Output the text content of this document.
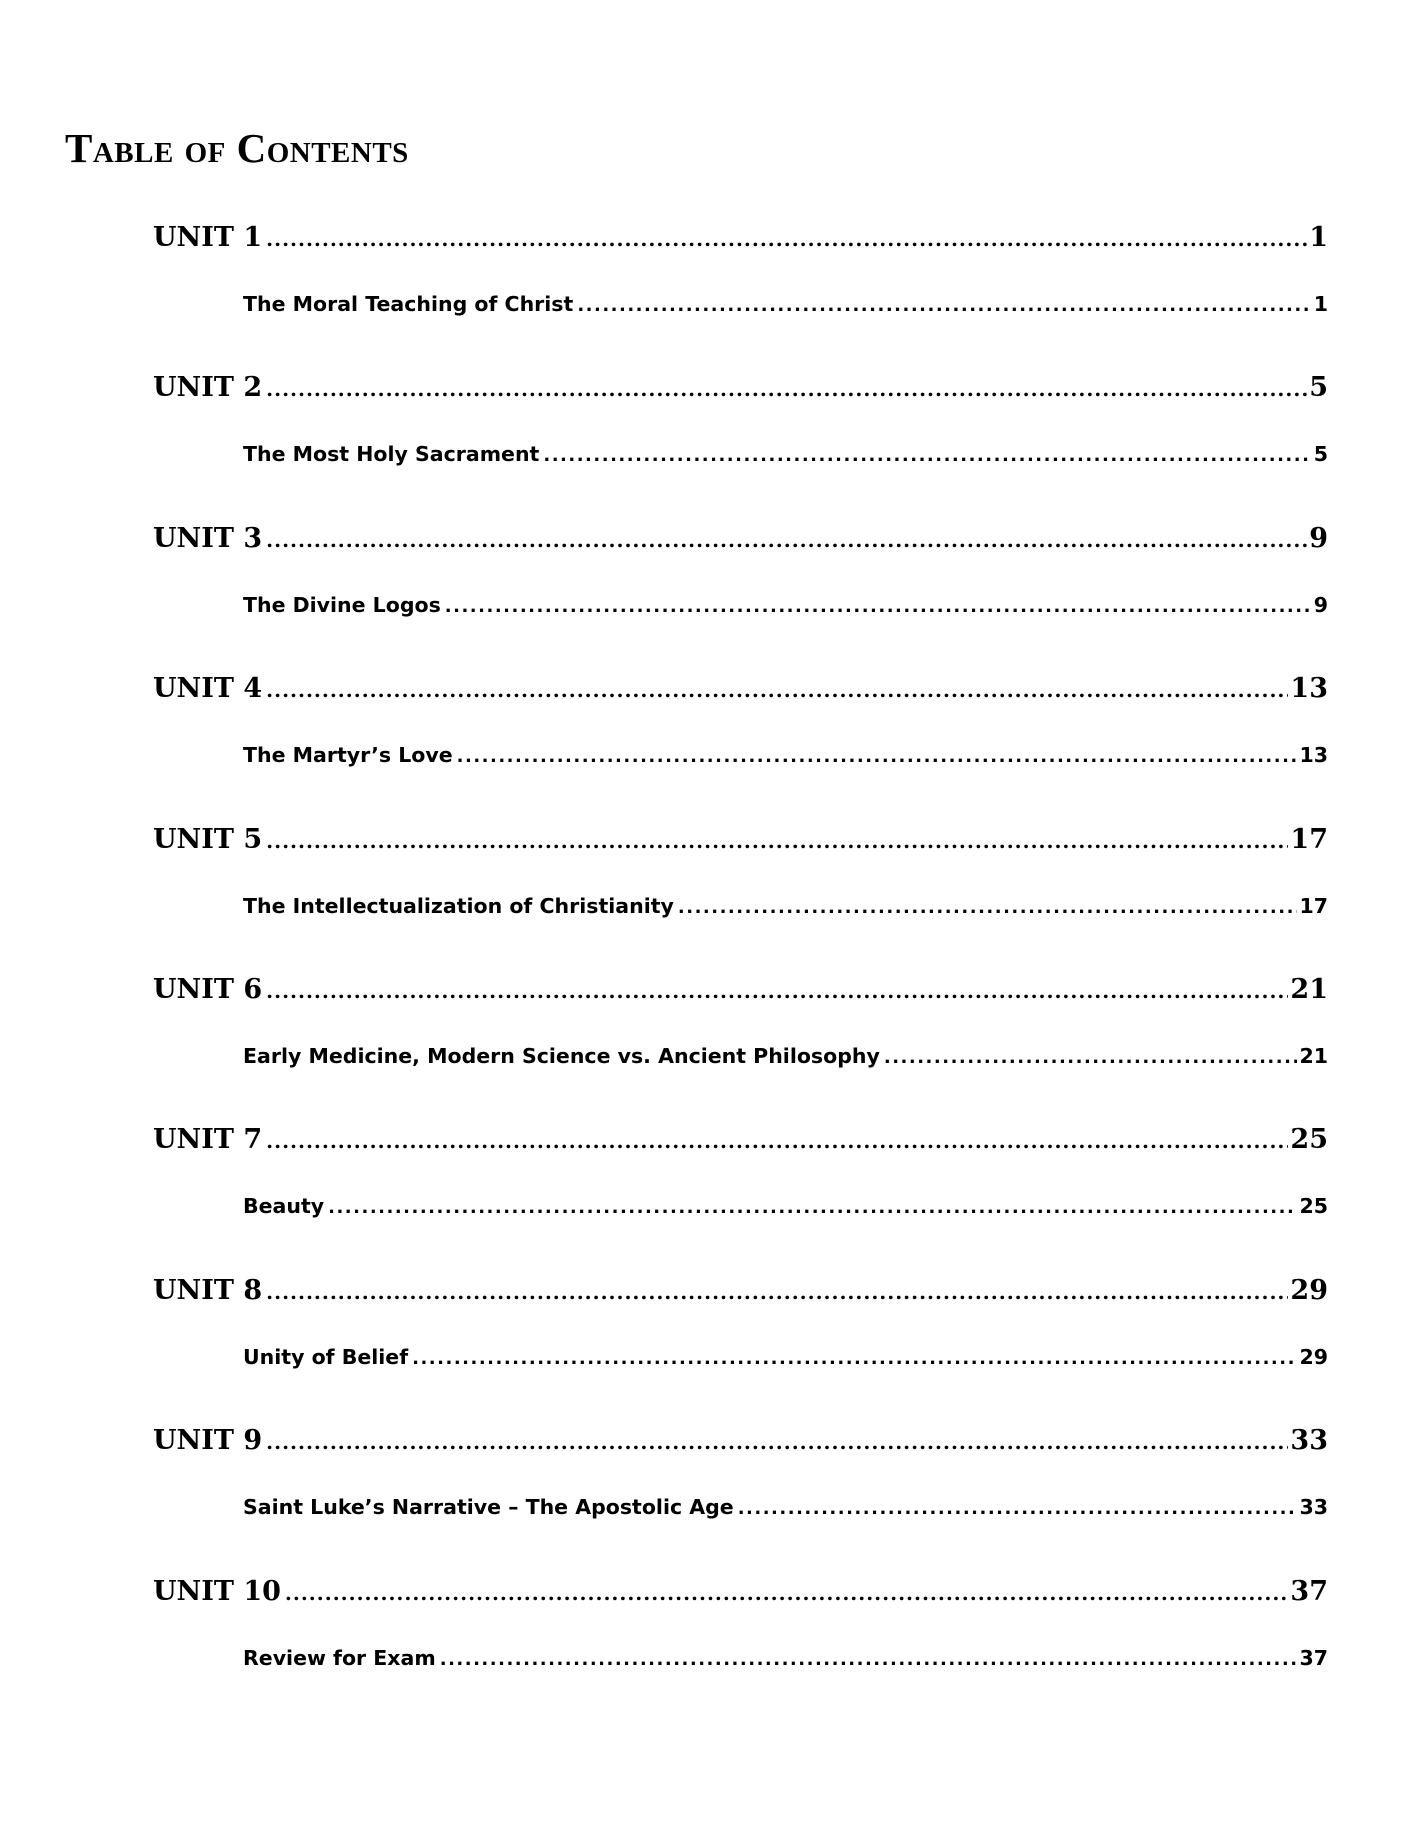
Table of Contents
UNIT 1 .....	1
The Moral Teaching of Christ .....	1
UNIT 2 .....	5
The Most Holy Sacrament .....	5
UNIT 3 .....	9
The Divine Logos .....	9
UNIT 4 .....	13
The Martyr’s Love .....	13
UNIT 5 .....	17
The Intellectualization of Christianity .....	17
UNIT 6 .....	21
Early Medicine, Modern Science vs. Ancient Philosophy .....	21
UNIT 7 .....	25
Beauty .....	25
UNIT 8 .....	29
Unity of Belief .....	29
UNIT 9 .....	33
Saint Luke’s Narrative – The Apostolic Age .....	33
UNIT 10 .....	37
Review for Exam .....	37
